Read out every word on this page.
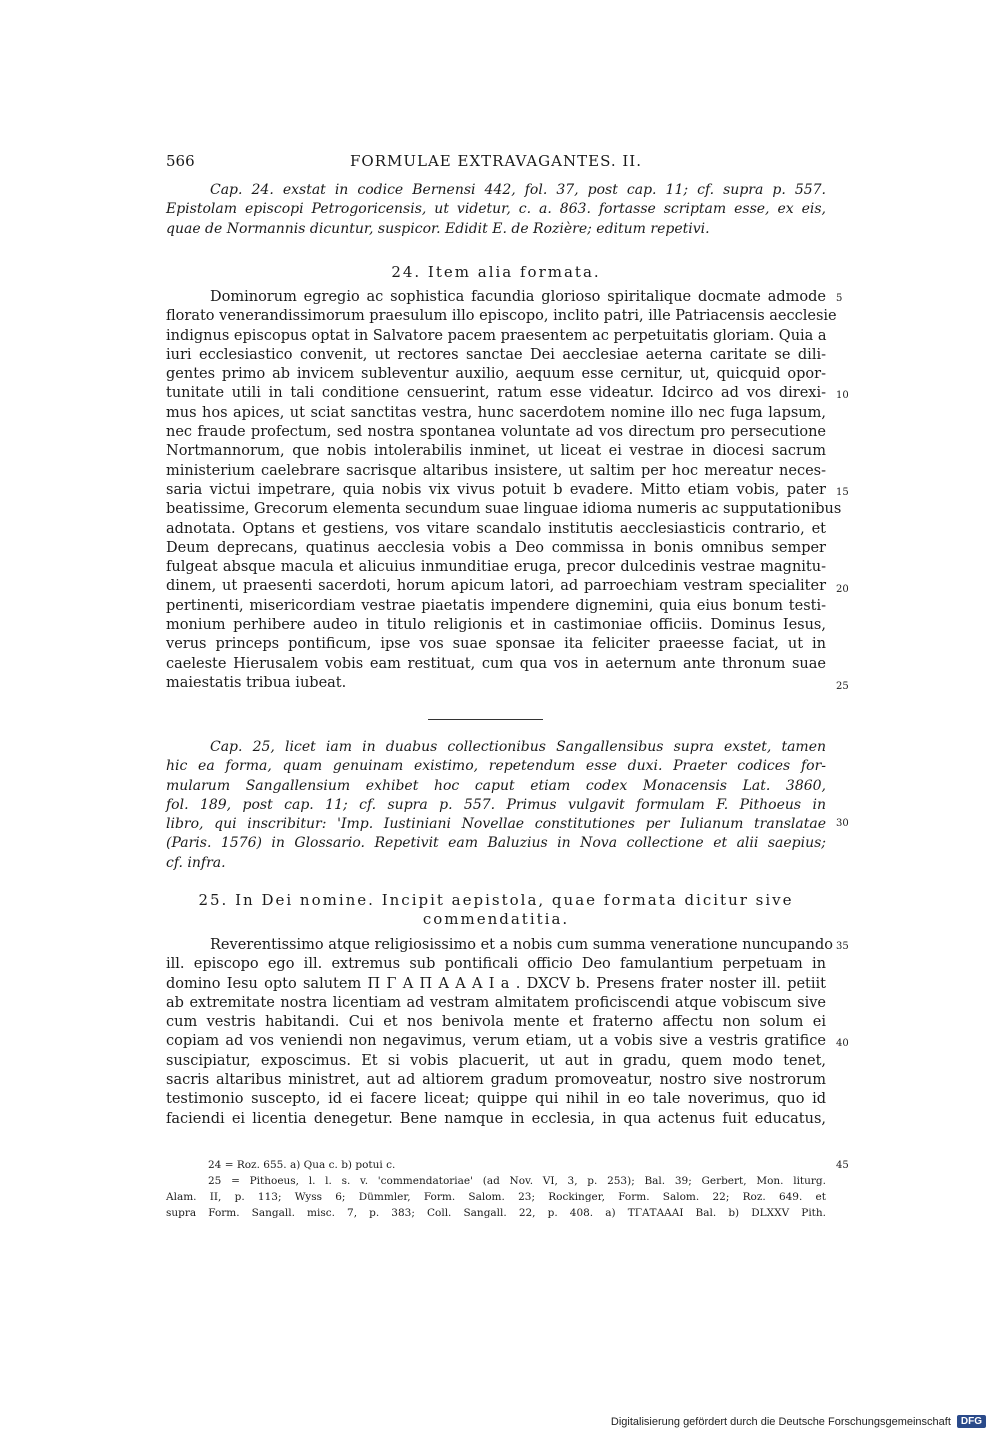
566	FORMULAE EXTRAVAGANTES. II.
Cap. 24. exstat in codice Bernensi 442, fol. 37, post cap. 11; cf. supra p. 557.
Epistolam episcopi Petrogoricensis, ut videtur, c. a. 863. fortasse scriptam esse, ex eis,
quae de Normannis dicuntur, suspicor. Edidit E. de Rozière; editum repetivi.
24. Item alia formata.
Dominorum egregio ac sophistica facundia glorioso spiritalique docmate admode
florato venerandissimorum praesulum illo episcopo, inclito patri, ille Patriacensis aecclesie
indignus episcopus optat in Salvatore pacem praesentem ac perpetuitatis gloriam. Quia a
iuri ecclesiastico convenit, ut rectores sanctae Dei aecclesiae aeterna caritate se dili-
gentes primo ab invicem subleventur auxilio, aequum esse cernitur, ut, quicquid opor-
tunitate utili in tali conditione censuerint, ratum esse videatur. Idcirco ad vos direxi-
mus hos apices, ut sciat sanctitas vestra, hunc sacerdotem nomine illo nec fuga lapsum,
nec fraude profectum, sed nostra spontanea voluntate ad vos directum pro persecutione
Nortmannorum, que nobis intolerabilis inminet, ut liceat ei vestrae in diocesi sacrum
ministerium caelebrare sacrisque altaribus insistere, ut saltim per hoc mereatur neces-
saria victui impetrare, quia nobis vix vivus potuit b evadere. Mitto etiam vobis, pater
beatissime, Grecorum elementa secundum suae linguae idioma numeris ac supputationibus
adnotata. Optans et gestiens, vos vitare scandalo institutis aecclesiasticis contrario, et
Deum deprecans, quatinus aecclesia vobis a Deo commissa in bonis omnibus semper
fulgeat absque macula et alicuius inmunditiae eruga, precor dulcedinis vestrae magnitu-
dinem, ut praesenti sacerdoti, horum apicum latori, ad parroechiam vestram specialiter
pertinenti, misericordiam vestrae piaetatis impendere dignemini, quia eius bonum testi-
monium perhibere audeo in titulo religionis et in castimoniae officiis. Dominus Iesus,
verus princeps pontificum, ipse vos suae sponsae ita feliciter praeesse faciat, ut in
caeleste Hierusalem vobis eam restituat, cum qua vos in aeternum ante thronum suae
maiestatis tribua iubeat.
Cap. 25, licet iam in duabus collectionibus Sangallensibus supra exstet, tamen
hic ea forma, quam genuinam existimo, repetendum esse duxi. Praeter codices for-
mularum Sangallensium exhibet hoc caput etiam codex Monacensis Lat. 3860,
fol. 189, post cap. 11; cf. supra p. 557. Primus vulgavit formulam F. Pithoeus in
libro, qui inscribitur: 'Imp. Iustiniani Novellae constitutiones per Iulianum translatae
(Paris. 1576) in Glossario. Repetivit eam Baluzius in Nova collectione et alii saepius;
cf. infra.
25. In Dei nomine. Incipit aepistola, quae formata dicitur sive
commendatitia.
Reverentissimo atque religiosissimo et a nobis cum summa veneratione nuncupando
ill. episcopo ego ill. extremus sub pontificali officio Deo famulantium perpetuam in
domino Iesu opto salutem Π Γ Α Π Α Α Α Ι a . DXCV b. Presens frater noster ill. petiit
ab extremitate nostra licentiam ad vestram almitatem proficiscendi atque vobiscum sive
cum vestris habitandi. Cui et nos benivola mente et fraterno affectu non solum ei
copiam ad vos veniendi non negavimus, verum etiam, ut a vobis sive a vestris gratifice
suscipiatur, exposcimus. Et si vobis placuerit, ut aut in gradu, quem modo tenet,
sacris altaribus ministret, aut ad altiorem gradum promoveatur, nostro sive nostrorum
testimonio suscepto, id ei facere liceat; quippe qui nihil in eo tale noverimus, quo id
faciendi ei licentia denegetur. Bene namque in ecclesia, in qua actenus fuit educatus,
5
10
15
20
25
30
35
40
45
24 = Roz. 655. a) Qua c. b) potui c.
25 = Pithoeus, l. l. s. v. 'commendatoriae' (ad Nov. VI, 3, p. 253); Bal. 39; Gerbert, Mon. liturg.
Alam. II, p. 113; Wyss 6; Dümmler, Form. Salom. 23; Rockinger, Form. Salom. 22; Roz. 649. et
supra Form. Sangall. misc. 7, p. 383; Coll. Sangall. 22, p. 408. a) ΤΓΑΤΑΑΑΙ Bal. b) DLXXV Pith.
Digitalisierung gefördert durch die Deutsche Forschungsgemeinschaft	DFG
